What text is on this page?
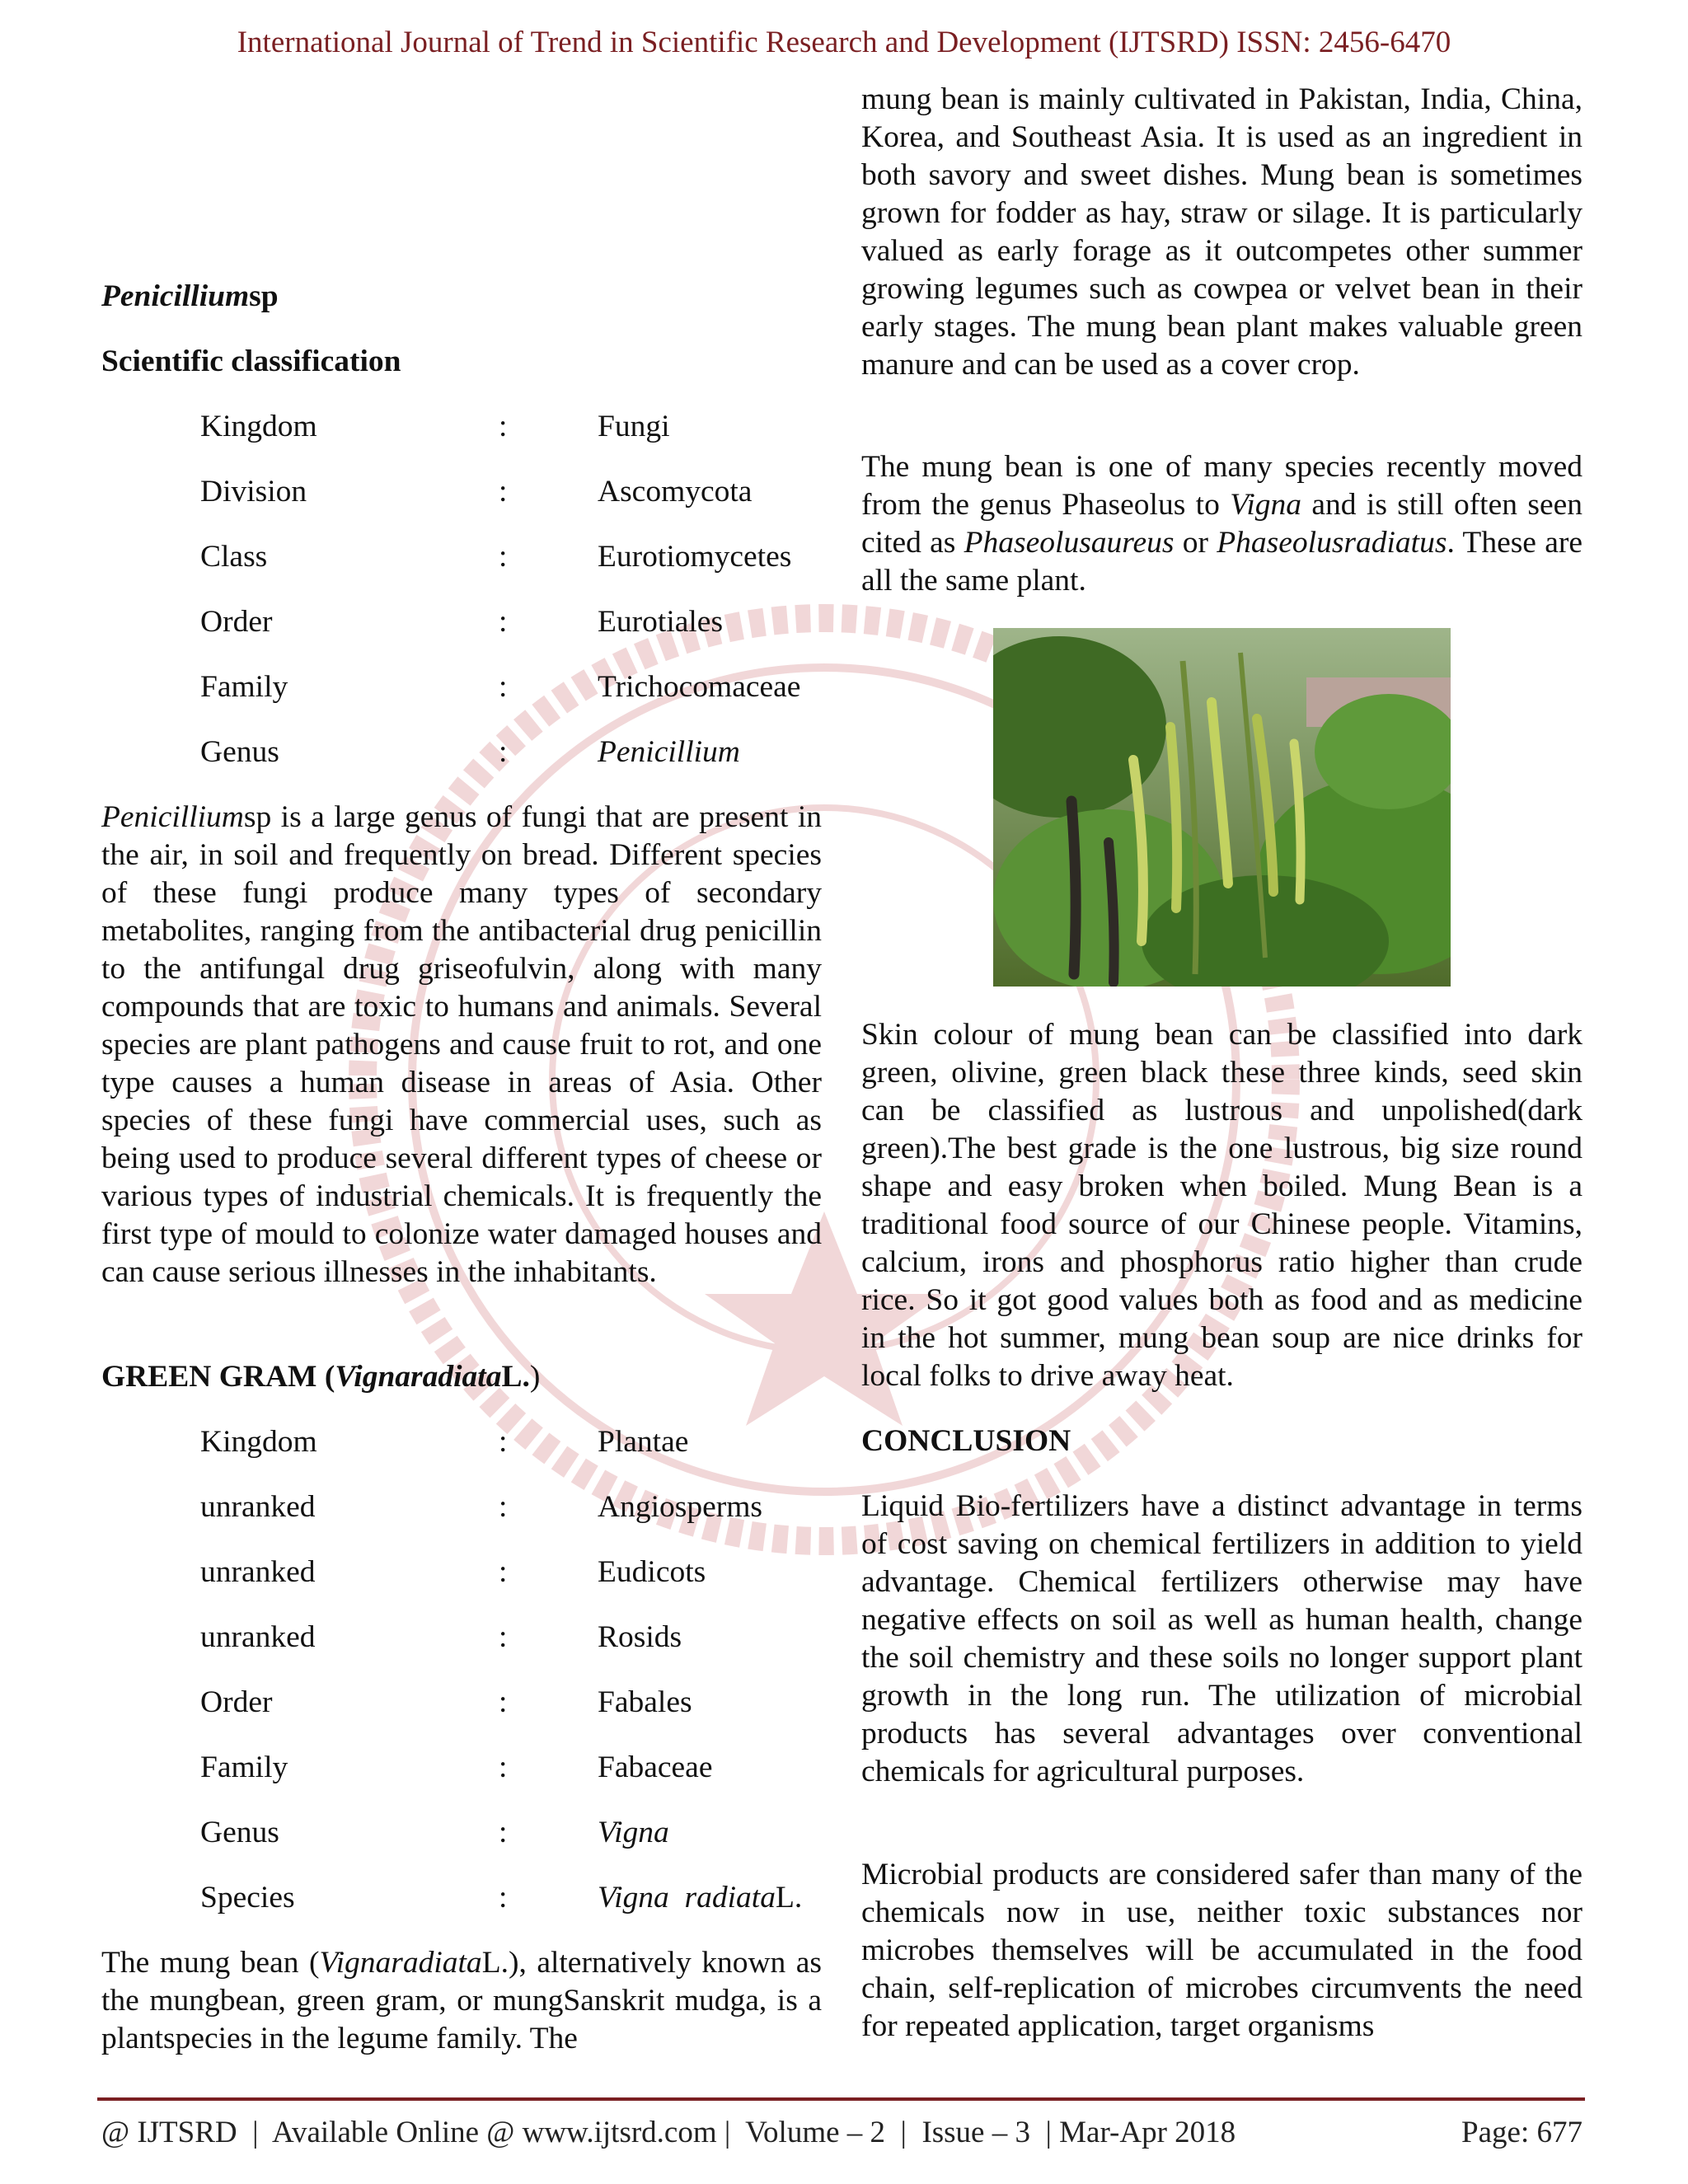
International Journal of Trend in Scientific Research and Development (IJTSRD) ISSN: 2456-6470

Penicilliumsp

Scientific classification

Kingdom	:	Fungi
Division	:	Ascomycota
Class	:	Eurotiomycetes
Order	:	Eurotiales
Family	:	Trichocomaceae
Genus	:	Penicillium

Penicilliumsp is a large genus of fungi that are present in the air, in soil and frequently on bread. Different species of these fungi produce many types of secondary metabolites, ranging from the antibacterial drug penicillin to the antifungal drug griseofulvin, along with many compounds that are toxic to humans and animals. Several species are plant pathogens and cause fruit to rot, and one type causes a human disease in areas of Asia. Other species of these fungi have commercial uses, such as being used to produce several different types of cheese or various types of industrial chemicals. It is frequently the first type of mould to colonize water damaged houses and can cause serious illnesses in the inhabitants.

GREEN GRAM (VignaradiataL.)

Kingdom	:	Plantae
unranked	:	Angiosperms
unranked	:	Eudicots
unranked	:	Rosids
Order	:	Fabales
Family	:	Fabaceae
Genus	:	Vigna
Species	:	Vigna  radiataL.

The mung bean (VignaradiataL.), alternatively known as the mungbean, green gram, or mungSanskrit mudga, is a plantspecies in the legume family. The

mung bean is mainly cultivated in Pakistan, India, China, Korea, and Southeast Asia. It is used as an ingredient in both savory and sweet dishes. Mung bean is sometimes grown for fodder as hay, straw or silage. It is particularly valued as early forage as it outcompetes other summer growing legumes such as cowpea or velvet bean in their early stages. The mung bean plant makes valuable green manure and can be used as a cover crop.

The mung bean is one of many species recently moved from the genus Phaseolus to Vigna and is still often seen cited as Phaseolusaureus or Phaseolusradiatus. These are all the same plant.

Skin colour of mung bean can be classified into dark green, olivine, green black these three kinds, seed skin can be classified as lustrous and unpolished(dark green).The best grade is the one lustrous, big size round shape and easy broken when boiled. Mung Bean is a traditional food source of our Chinese people. Vitamins, calcium, irons and phosphorus ratio higher than crude rice. So it got good values both as food and as medicine in the hot summer, mung bean soup are nice drinks for local folks to drive away heat.

CONCLUSION

Liquid Bio-fertilizers have a distinct advantage in terms of cost saving on chemical fertilizers in addition to yield advantage. Chemical fertilizers otherwise may have negative effects on soil as well as human health, change the soil chemistry and these soils no longer support plant growth in the long run. The utilization of microbial products has several advantages over conventional chemicals for agricultural purposes.

Microbial products are considered safer than many of the chemicals now in use, neither toxic substances nor microbes themselves will be accumulated in the food chain, self-replication of microbes circumvents the need for repeated application, target organisms

@ IJTSRD  |  Available Online @ www.ijtsrd.com |  Volume – 2  |  Issue – 3  | Mar-Apr 2018	Page: 677
